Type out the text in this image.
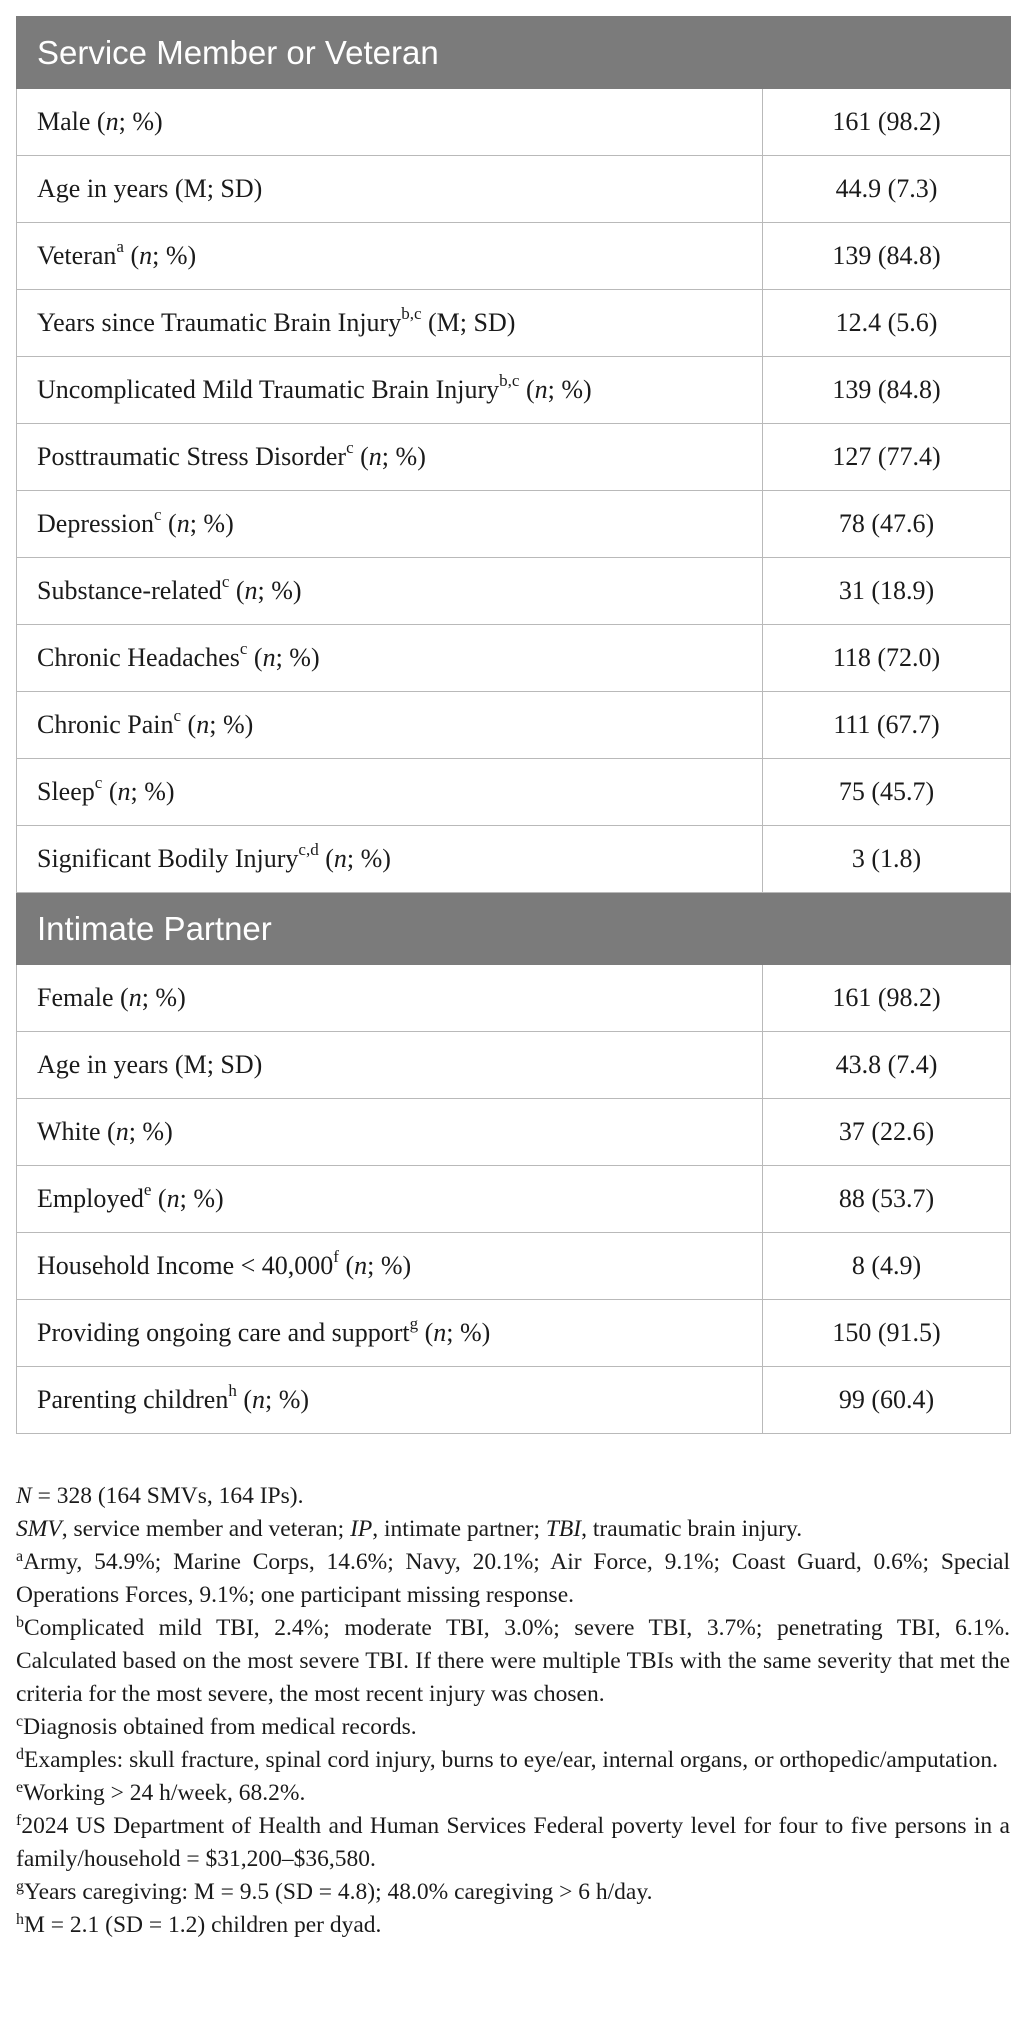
Service Member or Veteran	
Male (n; %)	161 (98.2)
Age in years (M; SD)	44.9 (7.3)
Veteran$^a$ (n; %)	139 (84.8)
Years since Traumatic Brain Injury$^{b,c}$ (M; SD)	12.4 (5.6)
Uncomplicated Mild Traumatic Brain Injury$^{b,c}$ (n; %)	139 (84.8)
Posttraumatic Stress Disorder$^c$ (n; %)	127 (77.4)
Depression$^c$ (n; %)	78 (47.6)
Substance-related$^c$ (n; %)	31 (18.9)
Chronic Headaches$^c$ (n; %)	118 (72.0)
Chronic Pain$^c$ (n; %)	111 (67.7)
Sleep$^c$ (n; %)	75 (45.7)
Significant Bodily Injury$^{c,d}$ (n; %)	3 (1.8)
Intimate Partner	
Female (n; %)	161 (98.2)
Age in years (M; SD)	43.8 (7.4)
White (n; %)	37 (22.6)
Employed$^e$ (n; %)	88 (53.7)
Household Income < 40,000$^f$ (n; %)	8 (4.9)
Providing ongoing care and support$^g$ (n; %)	150 (91.5)
Parenting children$^h$ (n; %)	99 (60.4)

N = 328 (164 SMVs, 164 IPs).

SMV, service member and veteran; IP, intimate partner; TBI, traumatic brain injury.

$^a$Army, 54.9%; Marine Corps, 14.6%; Navy, 20.1%; Air Force, 9.1%; Coast Guard, 0.6%; Special Operations Forces, 9.1%; one participant missing response.

$^b$Complicated mild TBI, 2.4%; moderate TBI, 3.0%; severe TBI, 3.7%; penetrating TBI, 6.1%. Calculated based on the most severe TBI. If there were multiple TBIs with the same severity that met the criteria for the most severe, the most recent injury was chosen.

$^c$Diagnosis obtained from medical records.

$^d$Examples: skull fracture, spinal cord injury, burns to eye/ear, internal organs, or orthopedic/amputation.

$^e$Working > 24 h/week, 68.2%.

$^f$2024 US Department of Health and Human Services Federal poverty level for four to five persons in a family/household = $31,200–$36,580.

$^g$Years caregiving: M = 9.5 (SD = 4.8); 48.0% caregiving > 6 h/day.

$^h$M = 2.1 (SD = 1.2) children per dyad.
